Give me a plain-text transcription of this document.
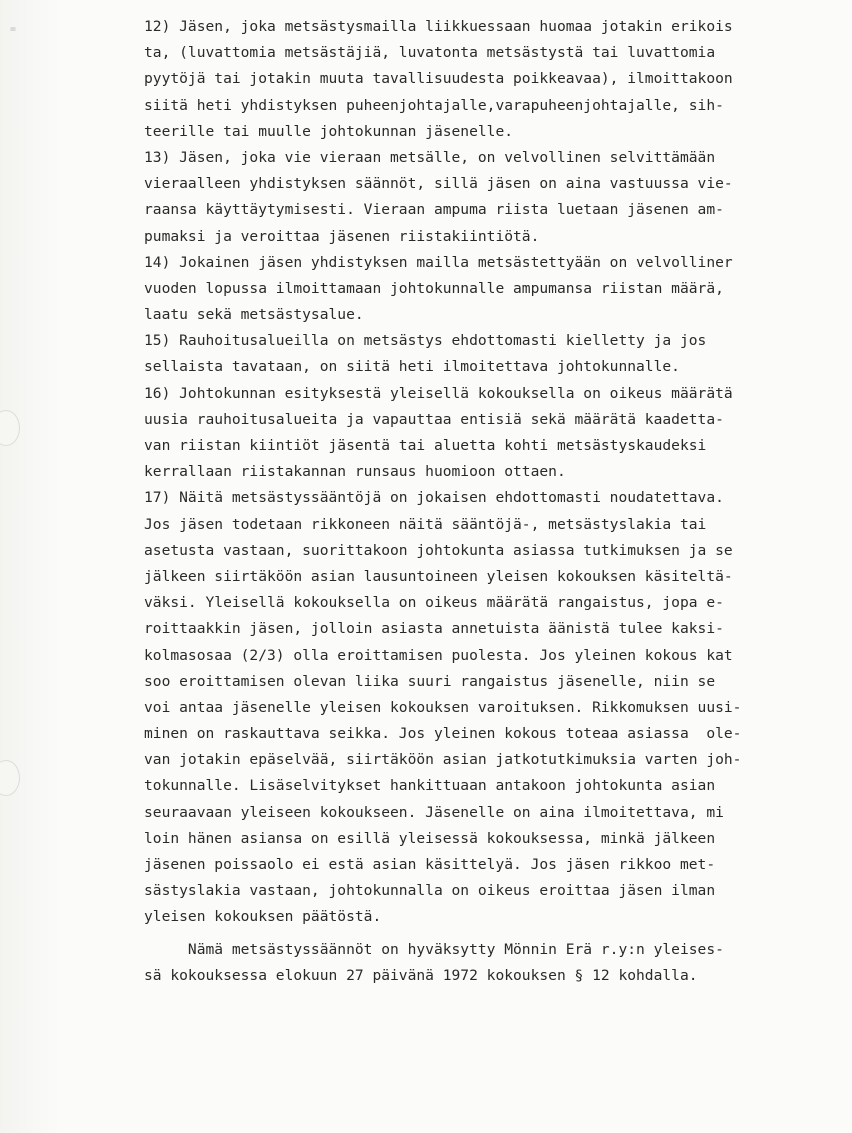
=	12) Jäsen, joka metsästysmailla liikkuessaan huomaa jotakin erikois
ta, (luvattomia metsästäjiä, luvatonta metsästystä tai luvattomia
pyytöjä tai jotakin muuta tavallisuudesta poikkeavaa), ilmoittakoon
siitä heti yhdistyksen puheenjohtajalle,varapuheenjohtajalle, sih-
teerille tai muulle johtokunnan jäsenelle.
13) Jäsen, joka vie vieraan metsälle, on velvollinen selvittämään
vieraalleen yhdistyksen säännöt, sillä jäsen on aina vastuussa vie-
raansa käyttäytymisesti. Vieraan ampuma riista luetaan jäsenen am-
pumaksi ja veroittaa jäsenen riistakiintiötä.
14) Jokainen jäsen yhdistyksen mailla metsästettyään on velvolliner
vuoden lopussa ilmoittamaan johtokunnalle ampumansa riistan määrä,
laatu sekä metsästysalue.
15) Rauhoitusalueilla on metsästys ehdottomasti kielletty ja jos
sellaista tavataan, on siitä heti ilmoitettava johtokunnalle.
16) Johtokunnan esityksestä yleisellä kokouksella on oikeus määrätä
uusia rauhoitusalueita ja vapauttaa entisiä sekä määrätä kaadetta-
van riistan kiintiöt jäsentä tai aluetta kohti metsästyskaudeksi
kerrallaan riistakannan runsaus huomioon ottaen.
17) Näitä metsästyssääntöjä on jokaisen ehdottomasti noudatettava.
Jos jäsen todetaan rikkoneen näitä sääntöjä-, metsästyslakia tai
asetusta vastaan, suorittakoon johtokunta asiassa tutkimuksen ja se
jälkeen siirtäköön asian lausuntoineen yleisen kokouksen käsiteltä-
väksi. Yleisellä kokouksella on oikeus määrätä rangaistus, jopa e-
roittaakkin jäsen, jolloin asiasta annetuista äänistä tulee kaksi-
kolmasosaa (2/3) olla eroittamisen puolesta. Jos yleinen kokous kat
soo eroittamisen olevan liika suuri rangaistus jäsenelle, niin se
voi antaa jäsenelle yleisen kokouksen varoituksen. Rikkomuksen uusi-
minen on raskauttava seikka. Jos yleinen kokous toteaa asiassa  ole-
van jotakin epäselvää, siirtäköön asian jatkotutkimuksia varten joh-
tokunnalle. Lisäselvitykset hankittuaan antakoon johtokunta asian
seuraavaan yleiseen kokoukseen. Jäsenelle on aina ilmoitettava, mi
loin hänen asiansa on esillä yleisessä kokouksessa, minkä jälkeen
jäsenen poissaolo ei estä asian käsittelyä. Jos jäsen rikkoo met-
sästyslakia vastaan, johtokunnalla on oikeus eroittaa jäsen ilman
yleisen kokouksen päätöstä.
Nämä metsästyssäännöt on hyväksytty Mönnin Erä r.y:n yleises-
sä kokouksessa elokuun 27 päivänä 1972 kokouksen § 12 kohdalla.
